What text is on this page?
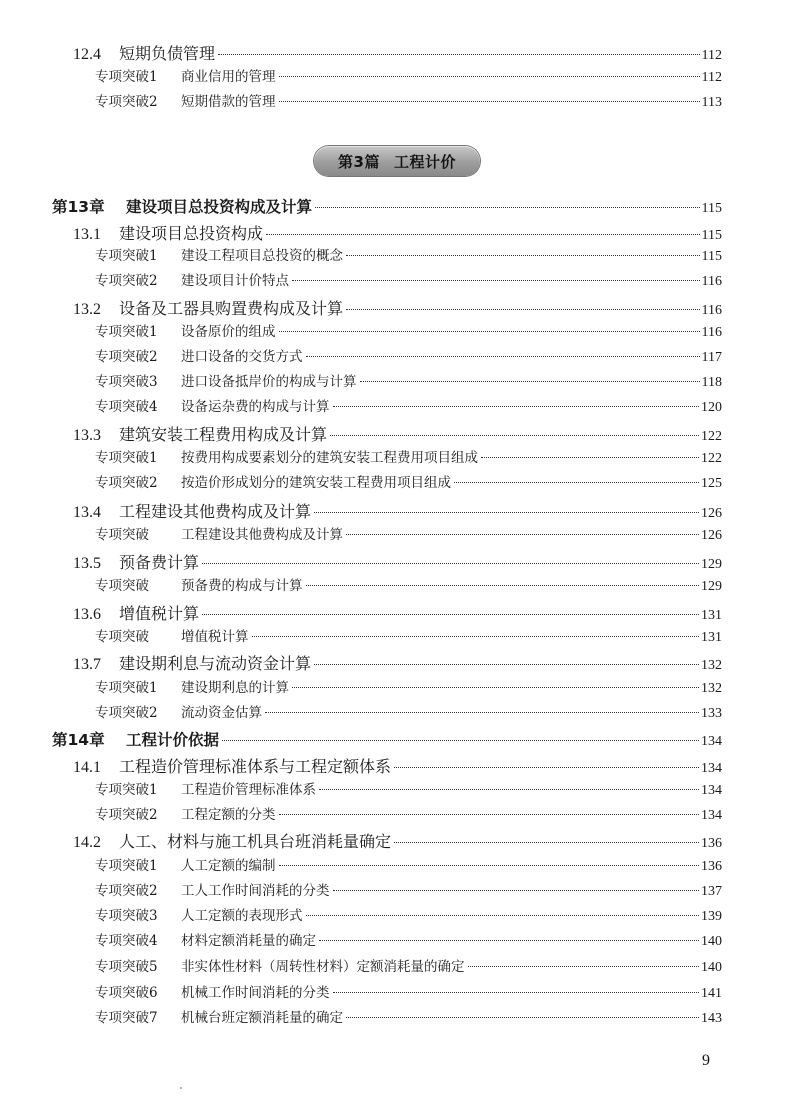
12.4	短期负债管理	112
专项突破1	商业信用的管理	112
专项突破2	短期借款的管理	113
第3篇 工程计价
第13章	建设项目总投资构成及计算	115
13.1	建设项目总投资构成	115
专项突破1	建设工程项目总投资的概念	115
专项突破2	建设项目计价特点	116
13.2	设备及工器具购置费构成及计算	116
专项突破1	设备原价的组成	116
专项突破2	进口设备的交货方式	117
专项突破3	进口设备抵岸价的构成与计算	118
专项突破4	设备运杂费的构成与计算	120
13.3	建筑安装工程费用构成及计算	122
专项突破1	按费用构成要素划分的建筑安装工程费用项目组成	122
专项突破2	按造价形成划分的建筑安装工程费用项目组成	125
13.4	工程建设其他费构成及计算	126
专项突破	工程建设其他费构成及计算	126
13.5	预备费计算	129
专项突破	预备费的构成与计算	129
13.6	增值税计算	131
专项突破	增值税计算	131
13.7	建设期利息与流动资金计算	132
专项突破1	建设期利息的计算	132
专项突破2	流动资金估算	133
第14章	工程计价依据	134
14.1	工程造价管理标准体系与工程定额体系	134
专项突破1	工程造价管理标准体系	134
专项突破2	工程定额的分类	134
14.2	人工、材料与施工机具台班消耗量确定	136
专项突破1	人工定额的编制	136
专项突破2	工人工作时间消耗的分类	137
专项突破3	人工定额的表现形式	139
专项突破4	材料定额消耗量的确定	140
专项突破5	非实体性材料（周转性材料）定额消耗量的确定	140
专项突破6	机械工作时间消耗的分类	141
专项突破7	机械台班定额消耗量的确定	143
9
